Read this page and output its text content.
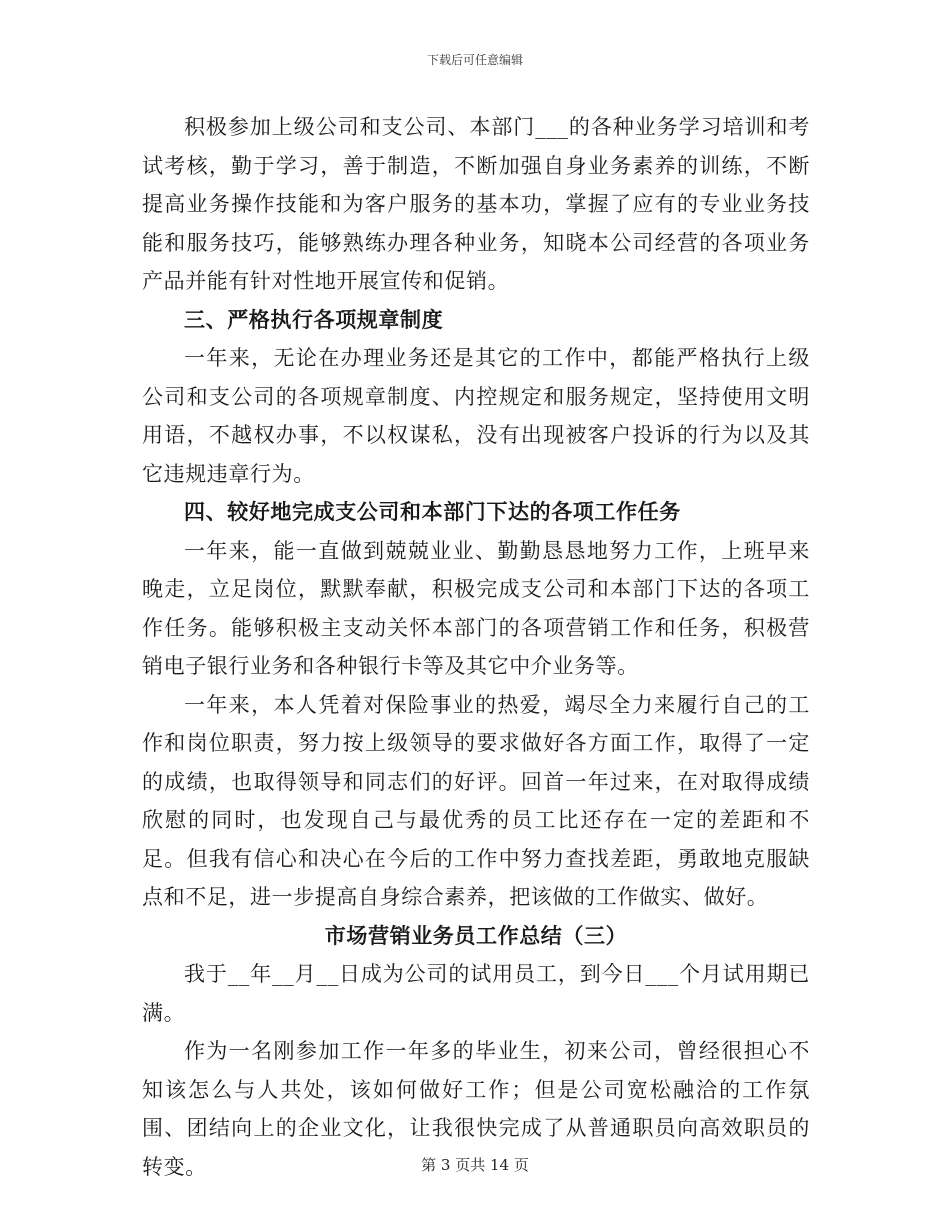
下载后可任意编辑

积极参加上级公司和支公司、本部门___的各种业务学习培训和考试考核，勤于学习，善于制造，不断加强自身业务素养的训练，不断提高业务操作技能和为客户服务的基本功，掌握了应有的专业业务技能和服务技巧，能够熟练办理各种业务，知晓本公司经营的各项业务产品并能有针对性地开展宣传和促销。

三、严格执行各项规章制度

一年来，无论在办理业务还是其它的工作中，都能严格执行上级公司和支公司的各项规章制度、内控规定和服务规定，坚持使用文明用语，不越权办事，不以权谋私，没有出现被客户投诉的行为以及其它违规违章行为。

四、较好地完成支公司和本部门下达的各项工作任务

一年来，能一直做到兢兢业业、勤勤恳恳地努力工作，上班早来晚走，立足岗位，默默奉献，积极完成支公司和本部门下达的各项工作任务。能够积极主支动关怀本部门的各项营销工作和任务，积极营销电子银行业务和各种银行卡等及其它中介业务等。

一年来，本人凭着对保险事业的热爱，竭尽全力来履行自己的工作和岗位职责，努力按上级领导的要求做好各方面工作，取得了一定的成绩，也取得领导和同志们的好评。回首一年过来，在对取得成绩欣慰的同时，也发现自己与最优秀的员工比还存在一定的差距和不足。但我有信心和决心在今后的工作中努力查找差距，勇敢地克服缺点和不足，进一步提高自身综合素养，把该做的工作做实、做好。

市场营销业务员工作总结（三）

我于__年__月__日成为公司的试用员工，到今日___个月试用期已满。

作为一名刚参加工作一年多的毕业生，初来公司，曾经很担心不知该怎么与人共处，该如何做好工作；但是公司宽松融洽的工作氛围、团结向上的企业文化，让我很快完成了从普通职员向高效职员的转变。	第 3 页共 14 页
